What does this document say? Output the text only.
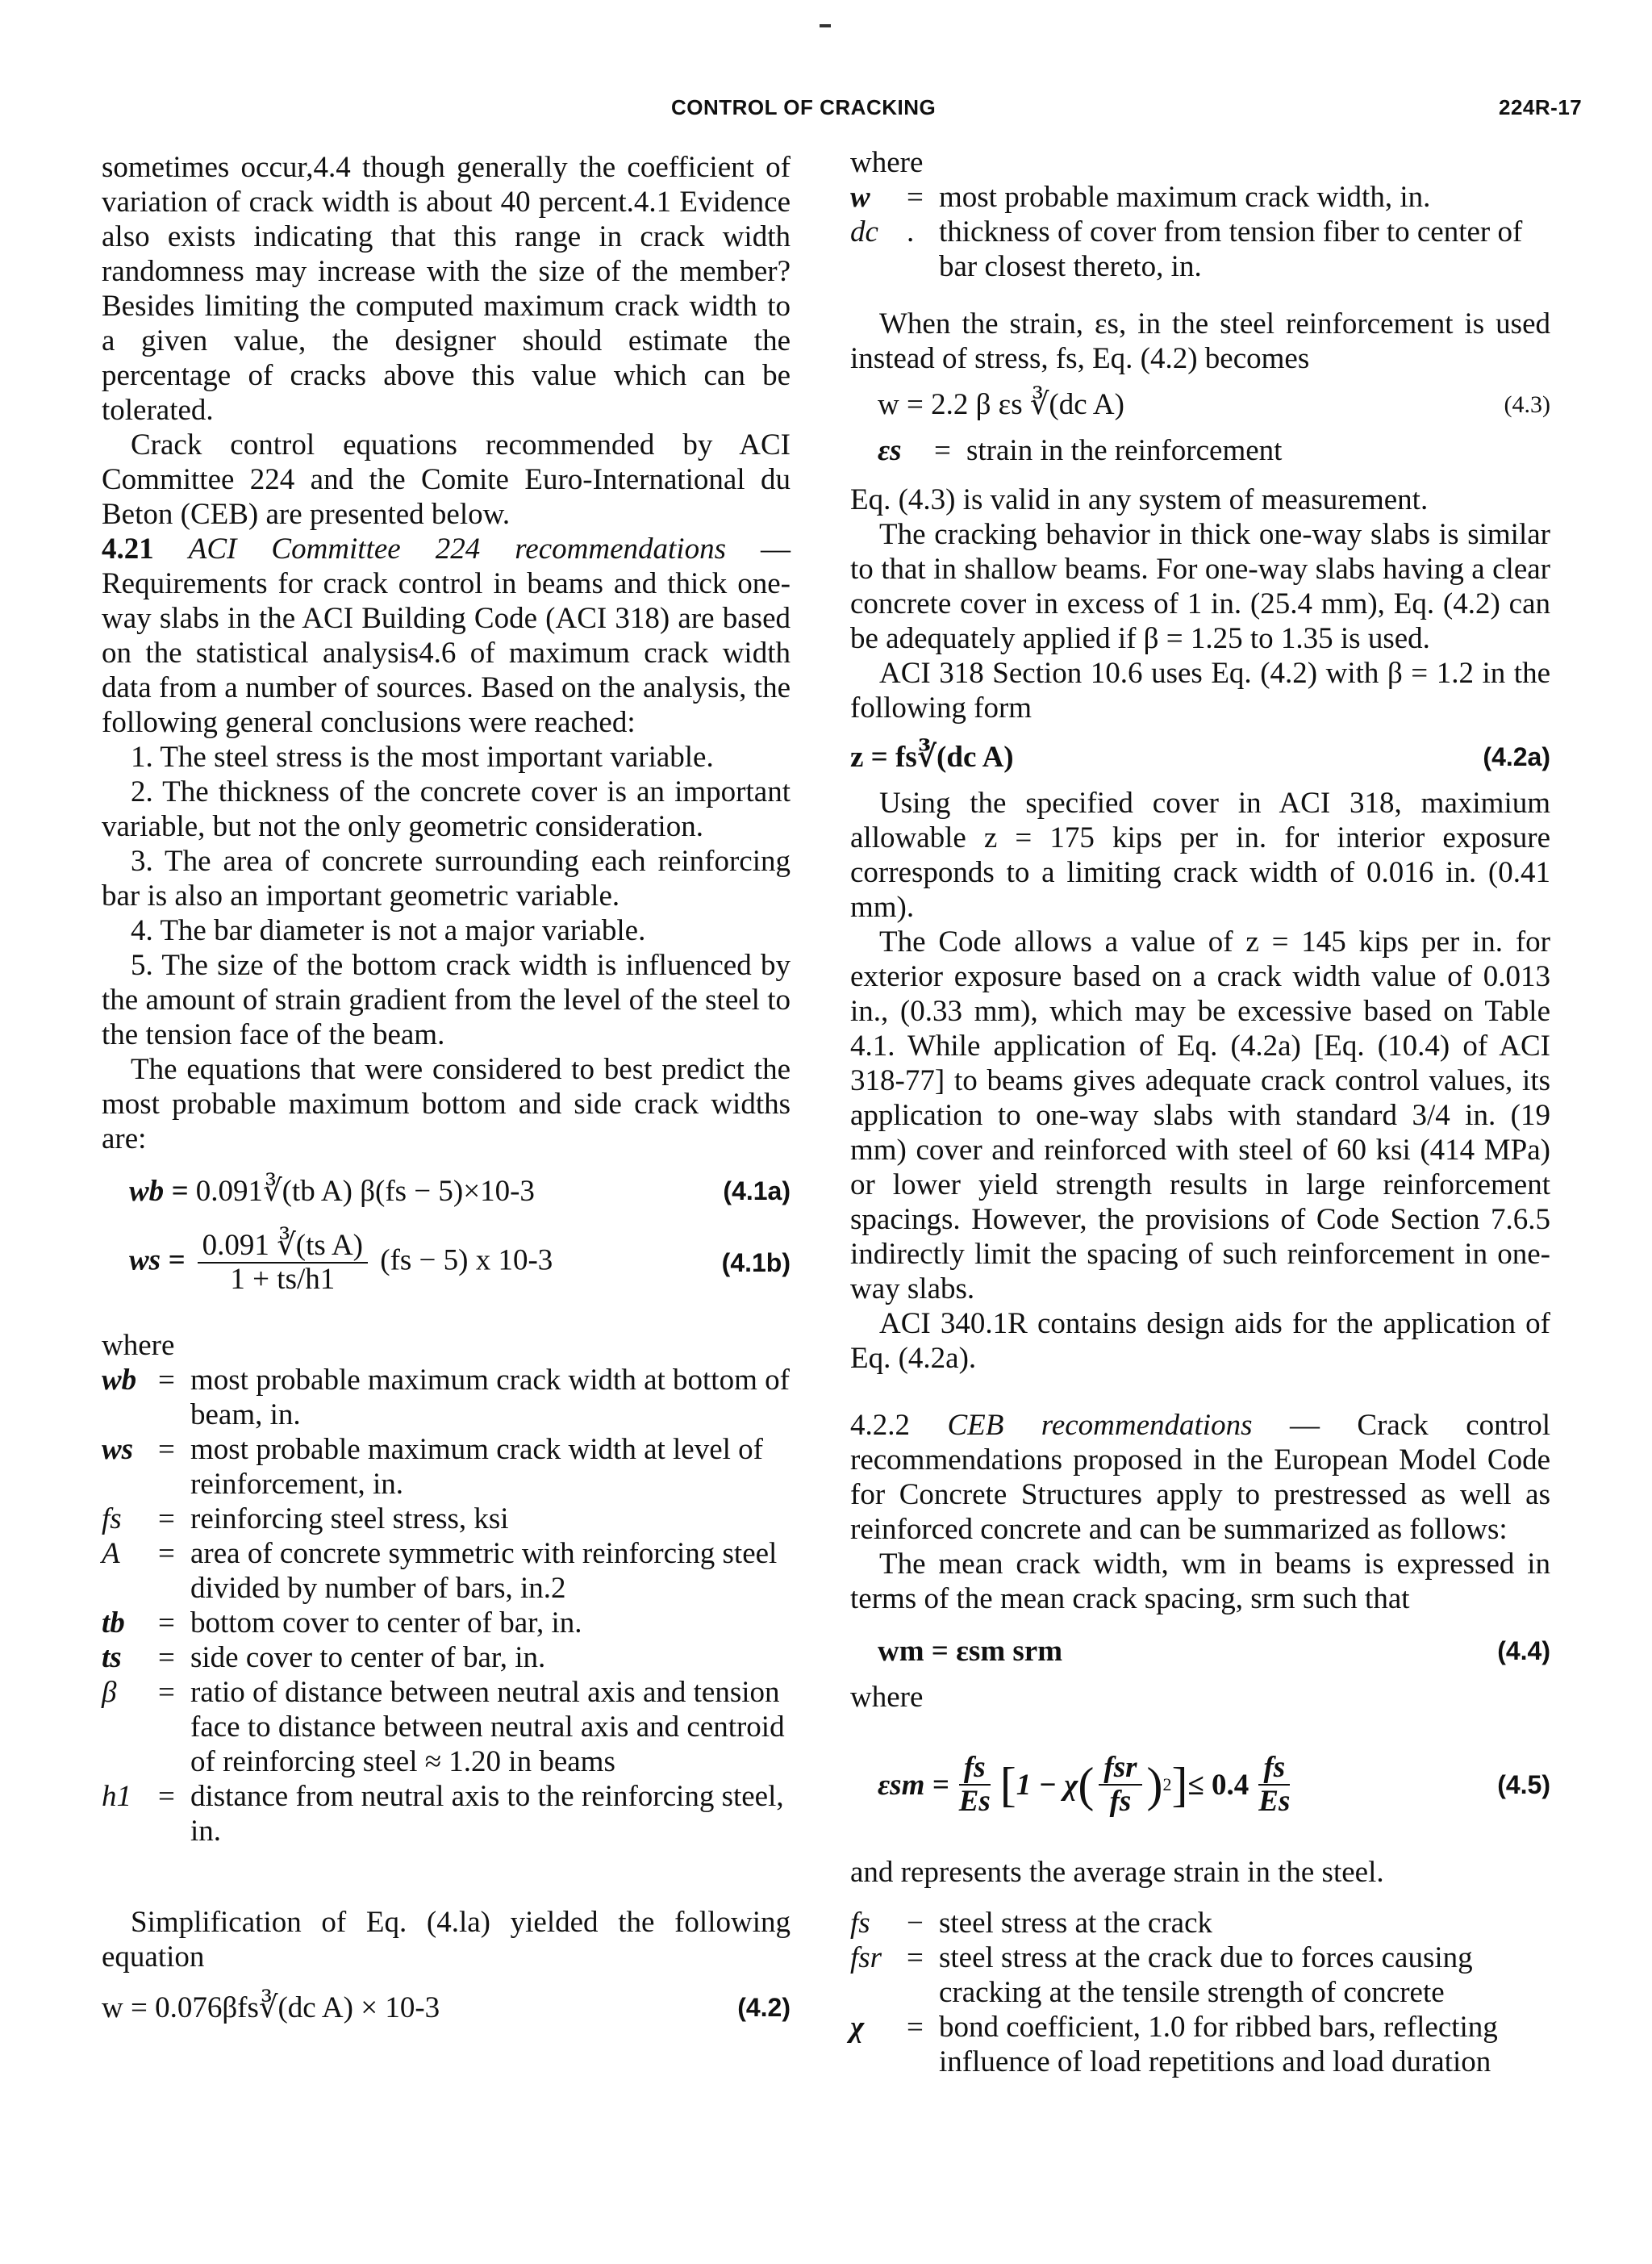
CONTROL OF CRACKING	224R-17

sometimes occur,4.4 though generally the coefficient of variation of crack width is about 40 percent.4.1 Evidence also exists indicating that this range in crack width randomness may increase with the size of the member? Besides limiting the computed maximum crack width to a given value, the designer should estimate the percentage of cracks above this value which can be tolerated.

Crack control equations recommended by ACI Committee 224 and the Comite Euro-International du Beton (CEB) are presented below.

4.21 ACI Committee 224 recommendations — Requirements for crack control in beams and thick one-way slabs in the ACI Building Code (ACI 318) are based on the statistical analysis4.6 of maximum crack width data from a number of sources. Based on the analysis, the following general conclusions were reached:

1. The steel stress is the most important variable.

2. The thickness of the concrete cover is an important variable, but not the only geometric consideration.

3. The area of concrete surrounding each reinforcing bar is also an important geometric variable.

4. The bar diameter is not a major variable.

5. The size of the bottom crack width is influenced by the amount of strain gradient from the level of the steel to the tension face of the beam.

The equations that were considered to best predict the most probable maximum bottom and side crack widths are:

wb = 0.091∛(tb A) β(fs − 5)×10-3	(4.1a)
ws = $\frac{\text{0.091 ∛(ts A)}}{1 + ts/h1} (fs - 5)$ x 10-3	(4.1b)

where

wb = most probable maximum crack width at bottom of beam, in.
ws = most probable maximum crack width at level of reinforcement, in.
fs	= reinforcing steel stress, ksi
A	= area of concrete symmetric with reinforcing steel divided by number of bars, in.2
tb	= bottom cover to center of bar, in.
ts	= side cover to center of bar, in.
β	= ratio of distance between neutral axis and tension face to distance between neutral axis and centroid of reinforcing steel ≈ 1.20 in beams
h1 = distance from neutral axis to the reinforcing steel, in.

Simplification of Eq. (4.la) yielded the following equation

w = 0.076βfs∛(dc A) × 10-3	(4.2)

where

w	= most probable maximum crack width, in.
dc . thickness of cover from tension fiber to center of bar closest thereto, in.

When the strain, εs, in the steel reinforcement is used instead of stress, fs, Eq. (4.2) becomes

w = 2.2 β εs ∛(dc A)	(4.3)
εs	= strain in the reinforcement

Eq. (4.3) is valid in any system of measurement.

The cracking behavior in thick one-way slabs is similar to that in shallow beams. For one-way slabs having a clear concrete cover in excess of 1 in. (25.4 mm), Eq. (4.2) can be adequately applied if β = 1.25 to 1.35 is used.

ACI 318 Section 10.6 uses Eq. (4.2) with β = 1.2 in the following form

z = fs∛(dc A)	(4.2a)

Using the specified cover in ACI 318, maximium allowable z = 175 kips per in. for interior exposure corresponds to a limiting crack width of 0.016 in. (0.41 mm).

The Code allows a value of z = 145 kips per in. for exterior exposure based on a crack width value of 0.013 in., (0.33 mm), which may be excessive based on Table 4.1. While application of Eq. (4.2a) [Eq. (10.4) of ACI 318-77] to beams gives adequate crack control values, its application to one-way slabs with standard 3/4 in. (19 mm) cover and reinforced with steel of 60 ksi (414 MPa) or lower yield strength results in large reinforcement spacings. However, the provisions of Code Section 7.6.5 indirectly limit the spacing of such reinforcement in one-way slabs.

ACI 340.1R contains design aids for the application of Eq. (4.2a).

4.2.2 CEB recommendations — Crack control recommendations proposed in the European Model Code for Concrete Structures apply to prestressed as well as reinforced concrete and can be summarized as follows:

The mean crack width, wm in beams is expressed in terms of the mean crack spacing, srm such that

wm = εsm srm	(4.4)

where

$\varepsilon sm = \frac{fs}{Es}$ [ 1 − χ ( $\frac{\text{fsr}}{fs}$ ) 2 ] ≤ $0.4 \frac{fs}{Es}$	(4.5)

and represents the average strain in the steel.

fs	− steel stress at the crack
fsr = steel stress at the crack due to forces causing cracking at the tensile strength of concrete
χ	= bond coefficient, 1.0 for ribbed bars, reflecting influence of load repetitions and load duration
